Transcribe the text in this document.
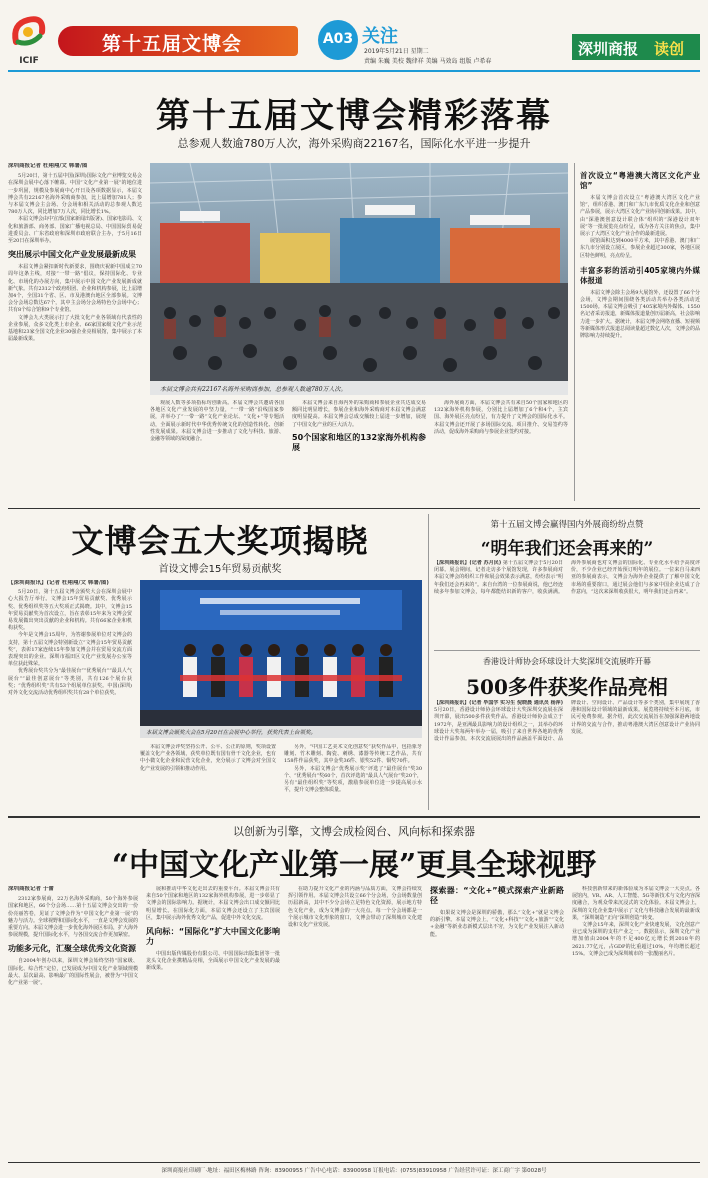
ICIF
第十五届文博会	A03 关注
2019年5月21日 星期二
责编 朱巍 美校 魏律祥 美编 马效岛 组版 卢希春
深圳商报 读创
第十五届文博会精彩落幕
总参观人数逾780万人次，海外采购商22167名，国际化水平进一步提升
深圳商报记者 杜翔翔/文 韩暑/图
5月20日，第十五届中国(深圳)国际文化产业博览交易会在深圳会展中心落下帷幕。中国“文化产业第一展”的地位进一步巩固，规模及参展商中心开日及各项数据显示，本届文博会共有22167名海外采购商参加，比上届增加781人；参与本届文博会主会场、分会场和相关活动的总参观人数达780万人次，同比增加7万人次，同比增长1%。
本届文博会由中宣部(国家新闻出版署)、国家电影局、文化和旅游部、商务部、国家广播电视总局、中国国际贸易促进委员会、广东省政府和深圳市政府联合主办，于5月16日至20日在深圳举办。
突出展示中国文化产业发展最新成果
本届文博会紧扣新时代新要求，围绕庆祝新中国成立70周年这条主线，对接“一带一路”倡议，保持国际化、专业化、市场化的办展方向，集中展示中国文化产业发展新成就新气象。共有2312个政府组团、企业和机构参展，比上届增加4个，全国31个省、区、市及港澳台地区全部参展。文博会分会场总数达67个，其中主会场分会场特色分会场中心；共有8个综合馆和9个专业馆。
文博会九大类展示打了大批文化产业各领域有代表性的企业参展，众多文化类上市企业、66家国家级文化产业示范基地和23家全国文化企业30强企业亮相展馆，集中展示了本届最新成果。
本届文博会共有22167名海外采购商参加，总参观人数逾780万人次。
观展人数等多项指标均创新高。本届文博会共邀请各国各地区文化产业发展的中坚力量，“一带一路”沿线国家参展，并举办了“一带一路”文化产业论坛、“文化+”等专题活动，全面展示新时代中华优秀传统文化的创造性转化、创新性发展成果。本届文博会进一步推动了文化与科技、旅游、金融等领域的深度融合。
本届文博会来自海内外的采购商和参展企业共达成交易额同比明显增长，参展企业和海外采购商对本届文博会满意度明显提高。本届文博会总成交额较上届进一步增加，展现了中国文化产业的巨大活力。
50个国家和地区的132家海外机构参展
海外展商方面，本届文博会共有来自50个国家和地区的132家海外机构参展，分别比上届增加了6个和4个，主宾国、海外展区亮点纷呈，有力提升了文博会的国际化水平。本届文博会还开展了多场国际交流、项目推介、交易签约等活动，促成海外采购商与参展企业签约对接。
首次设立“粤港澳大湾区文化产业馆”
本届文博会首次设立“粤港澳大湾区文化产业馆”，组织香港、澳门和广东九市优质文化企业和创意产品参展，展示大湾区文化产业协同创新成果。其中，由“深港澳创意设计联合体”组织的“深港设计双年展”等一批展览亮点纷呈，成为各方关注的焦点，集中展示了大湾区文化产业合作的最新进展。
展馆面积达到4000平方米，其中香港、澳门和广东九市分别设立展区，参展企业超过300家，各地区展区特色鲜明，亮点纷呈。
丰富多彩的活动引405家境内外媒体报道
本届文博会除主会场9大展馆外，还设置了66个分会场，文博会期间围绕各类活动共举办各类活动近1500场。本届文博会吸引了405家境内外媒体、1550名记者采访报道，新媒体报道量创历届新高，社会影响力进一步扩大。据统计，本届文博会网络直播、短视频等新媒体形式报道总阅读量超过数亿人次，文博会的品牌影响力持续提升。
文博会五大奖项揭晓
首设文博会15年贸易贡献奖
【深圳商报讯】(记者 杜翔翔/文 韩暑/图)
5月20日，第十五届文博会颁奖大会在深圳会展中心大报告厅举行。文博会15年贸易贡献奖、优秀展示奖、优秀组织奖等五大奖项正式揭晓。其中，文博会15年贸易贡献奖为首次设立，旨在表彰15年来为文博会贸易发展做出突出贡献的企业和机构。共有66家企业和机构获奖。
今年是文博会15周年，为答谢参展单位对文博会的支持，第十五届文博会特别新设立“文博会15年贸易贡献奖”，表彰17家连续15年参加文博会并在贸易交流方面表现突出的企业。深圳市福田区文化产业发展办公室等单位获此殊荣。
优秀展台奖共分为“最佳展台”“优秀展台”“最具人气展台”“最佳创意展台”等类别，共有126个展台获奖；“优秀组织奖”共有53个组展单位获奖。中国(深圳)对外文化交流活动优秀组织奖共有28个单位获奖。
本届文博会颁奖大会在5月20日在会展中心举行，获奖代表上台领奖。
本届文博会评奖坚持公开、公平、公正的原则，奖项设置覆盖文化产业各领域，获奖单位既有国有骨干文化企业，也有中小微文化企业和民营文化企业，充分展示了文博会对全国文化产业发展的引领和推动作用。
另外，“中国工艺美术文化创意奖”获奖作品中，包括象牙雕刻、竹木雕刻、陶瓷、刺绣、漆器等传统工艺作品，共有158件作品获奖，其中金奖36件、银奖52件、铜奖70件。
另外，本届文博会“优秀展示奖”评选了“最佳展台”奖30个、“优秀展台”奖60个，首次评选的“最具人气展台”奖20个，另有“最佳组织奖”等奖项，激励参展单位进一步提高展示水平，提升文博会整体质量。
第十五届文博会赢得国内外展商纷纷点赞
“明年我们还会再来的”
【深圳商报讯】(记者 苏月民) 第十五届文博会于5月20日闭幕。展会期间，记者走访多个展馆发现，许多参展商对本届文博会的组织工作和展会效果表示满意，纷纷表示“明年我们还会再来的”。来自台湾的一位参展商说，他已经连续多年参加文博会，每年都能结识新的客户，收获满满。海外参展商也对文博会的国际化、专业化水平给予高度评价，不少企业已经开始预订明年的展位。一位来自马来西亚的参展商表示，文博会为海外企业提供了了解中国文化市场的重要窗口，通过展会他们与多家中国企业达成了合作意向，“这次来深圳收获很大，明年我们还会再来”。
香港设计师协会环球设计大奖深圳交流展昨开幕
500多件获奖作品亮相
【深圳商报讯】(记者 毕国学 实习生 倪晓晨 通讯员 杨萍) 5月20日，香港设计师协会环球设计大奖深圳交流展在深圳开幕，展出500多件获奖作品。香港设计师协会成立于1972年，是亚洲最具影响力的设计组织之一，其举办的环球设计大奖每两年举办一届，吸引了来自世界各地的优秀设计作品参加。本次交流展展出的作品涵盖平面设计、品牌设计、空间设计、产品设计等多个类别，集中展现了香港和国际设计领域的最新成果。展览将持续至本月底，市民可免费参观。据介绍，此次交流展旨在加强深港两地设计界的交流与合作，推动粤港澳大湾区创意设计产业协同发展。
以创新为引擎，文博会成检阅台、风向标和探索器
“中国文化产业第一展”更具全球视野
深圳商报记者 于蕾
2312家参展商，22万名海外采购商，50个海外参展国家和地区，66个分会场……第十五届文博会交出的一份份亮丽答卷，见证了文博会作为“中国文化产业第一展”的魅力与活力。全球视野和国际化水平，一直是文博会发展的重要方向。本届文博会进一步优化海外展区布局，扩大海外参展规模，提升国际化水平，与各国交流合作更加紧密。
功能多元化，汇聚全球优秀文化资源
自2004年创办以来，深圳文博会始终坚持“国家级、国际化、综合性”定位，已发展成为中国文化产业领域规模最大、层次最高、影响最广的国际性展会，被誉为“中国文化产业第一展”。
展和推动中华文化走出去的重要平台。本届文博会共有来自50个国家和地区的132家海外机构参展，进一步彰显了文博会的国际影响力。据统计，本届文博会出口成交额同比明显增长。在国际化方面，本届文博会还设立了主宾国展区，集中展示海外优秀文化产品，促进中外文化交流。
风向标：“国际化”扩大中国文化影响力
中国出版传媒股份有限公司、中国国际出版集团等一批龙头文化企业携精品亮相，全面展示中国文化产业发展的最新成果。
在助力提升文化产业的内涵与品质方面，文博会持续发挥引领作用。本届文博会共设立66个分会场，分会场数量创历届新高，其中不少分会场立足特色文化资源，展示地方特色文化产业，成为文博会的一大亮点。每一个分会场都是一个展示城市文化形象的窗口，文博会带动了深圳城市文化建设和文化产业发展。
探索器：“文化+”模式探索产业新路径
如果说文博会是深圳的骄傲，那么“文化+”就是文博会的新引擎。本届文博会上，“文化+科技”“文化+旅游”“文化+金融”等新业态新模式层出不穷，为文化产业发展注入新动能。
科技创新带来的新体验成为本届文博会一大亮点。各展馆内，VR、AR、人工智能、5G等新技术与文化内容深度融合，为观众带来沉浸式的文化体验。本届文博会上，深圳的文化企业集中展示了文化与科技融合发展的最新成果，“深圳制造”正向“深圳创造”转变。
文博会15年来，深圳文化产业快速发展，文化创意产业已成为深圳的支柱产业之一。数据显示，深圳文化产业增加值由2004年的不足400亿元增长到2018年的2621.77亿元，占GDP的比重超过10%，年均增长超过15%。文博会已成为深圳城市的一张靓丽名片。
深圳商报社印刷厂·地址：福田区梅林路 咨询：83900955 广告中心电话：83900958 订报电话：(0755)83910958 广告经营许可证：深工商广字 第0028号
